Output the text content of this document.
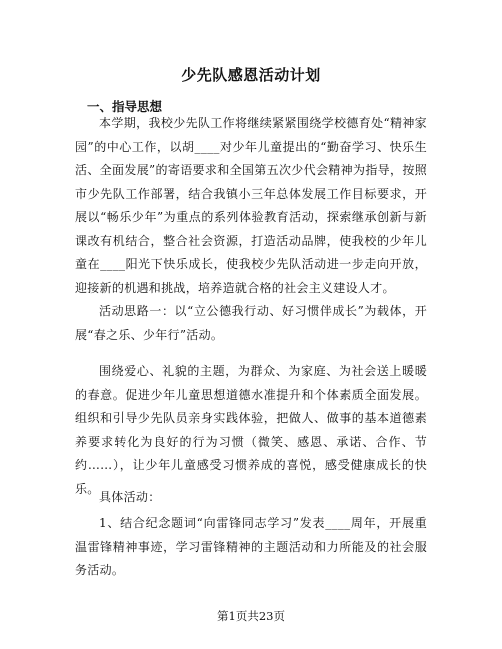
少先队感恩活动计划
一、指导思想

本学期，我校少先队工作将继续紧紧围绕学校德育处“精神家园”的中心工作，以胡____对少年儿童提出的“勤奋学习、快乐生活、全面发展”的寄语要求和全国第五次少代会精神为指导，按照市少先队工作部署，结合我镇小三年总体发展工作目标要求，开展以“畅乐少年”为重点的系列体验教育活动，探索继承创新与新课改有机结合，整合社会资源，打造活动品牌，使我校的少年儿童在____阳光下快乐成长，使我校少先队活动进一步走向开放，迎接新的机遇和挑战，培养造就合格的社会主义建设人才。

活动思路一：以“立公德我行动、好习惯伴成长”为载体，开展“春之乐、少年行”活动。

围绕爱心、礼貌的主题，为群众、为家庭、为社会送上暖暖的春意。促进少年儿童思想道德水准提升和个体素质全面发展。组织和引导少先队员亲身实践体验，把做人、做事的基本道德素养要求转化为良好的行为习惯（微笑、感恩、承诺、合作、节约……），让少年儿童感受习惯养成的喜悦，感受健康成长的快乐。

具体活动：

1、结合纪念题词“向雷锋同志学习”发表____周年，开展重温雷锋精神事迹，学习雷锋精神的主题活动和力所能及的社会服务活动。

第1页共23页
